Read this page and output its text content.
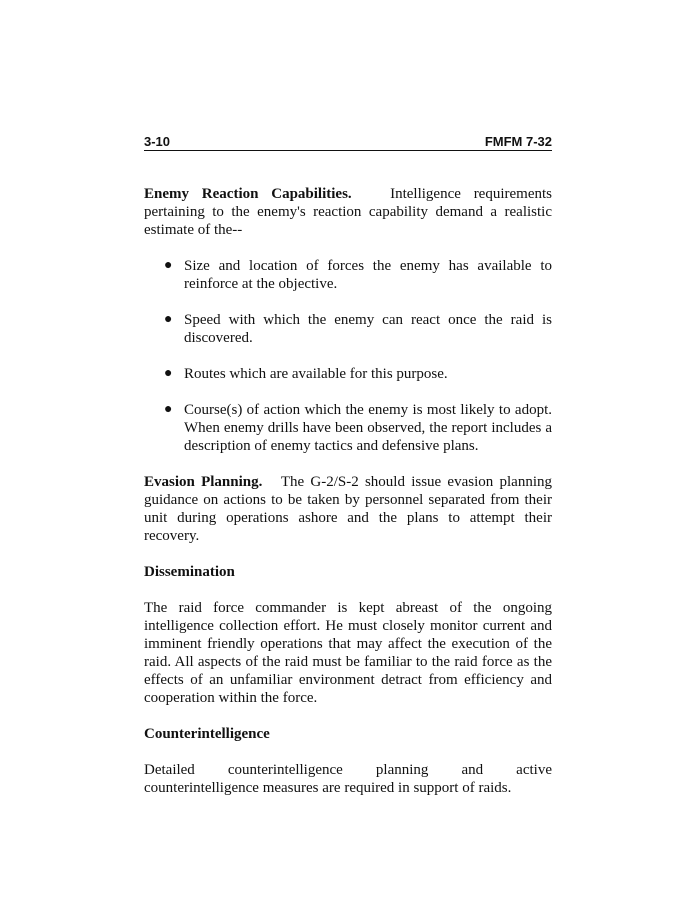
3-10	FMFM 7-32

Enemy Reaction Capabilities.	Intelligence requirements pertaining to the enemy's reaction capability demand a realistic estimate of the--

● Size and location of forces the enemy has available to reinforce at the objective.
● Speed with which the enemy can react once the raid is discovered.
● Routes which are available for this purpose.
● Course(s) of action which the enemy is most likely to adopt. When enemy drills have been observed, the report includes a description of enemy tactics and defensive plans.

Evasion Planning. The G-2/S-2 should issue evasion planning guidance on actions to be taken by personnel separated from their unit during operations ashore and the plans to attempt their recovery.

Dissemination

The raid force commander is kept abreast of the ongoing intelligence collection effort. He must closely monitor current and imminent friendly operations that may affect the execution of the raid. All aspects of the raid must be familiar to the raid force as the effects of an unfamiliar environment detract from efficiency and cooperation within the force.

Counterintelligence

Detailed counterintelligence planning and active counterintelligence measures are required in support of raids.
